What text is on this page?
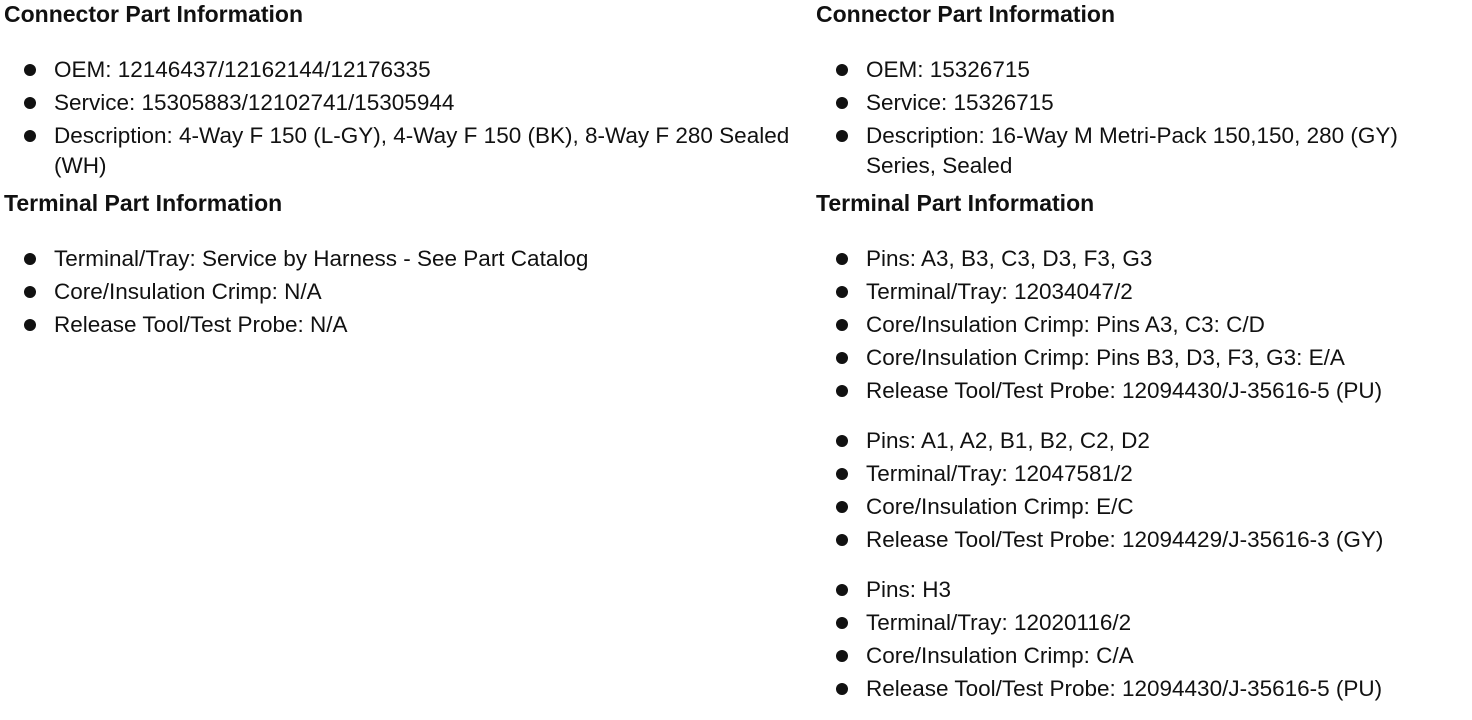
Connector Part Information
OEM: 12146437/12162144/12176335
Service: 15305883/12102741/15305944
Description: 4-Way F 150 (L-GY), 4-Way F 150 (BK), 8-Way F 280 Sealed (WH)
Terminal Part Information
Terminal/Tray: Service by Harness - See Part Catalog
Core/Insulation Crimp: N/A
Release Tool/Test Probe: N/A
Connector Part Information
OEM: 15326715
Service: 15326715
Description: 16-Way M Metri-Pack 150,150, 280 (GY) Series, Sealed
Terminal Part Information
Pins: A3, B3, C3, D3, F3, G3
Terminal/Tray: 12034047/2
Core/Insulation Crimp: Pins A3, C3: C/D
Core/Insulation Crimp: Pins B3, D3, F3, G3: E/A
Release Tool/Test Probe: 12094430/J-35616-5 (PU)
Pins: A1, A2, B1, B2, C2, D2
Terminal/Tray: 12047581/2
Core/Insulation Crimp: E/C
Release Tool/Test Probe: 12094429/J-35616-3 (GY)
Pins: H3
Terminal/Tray: 12020116/2
Core/Insulation Crimp: C/A
Release Tool/Test Probe: 12094430/J-35616-5 (PU)
